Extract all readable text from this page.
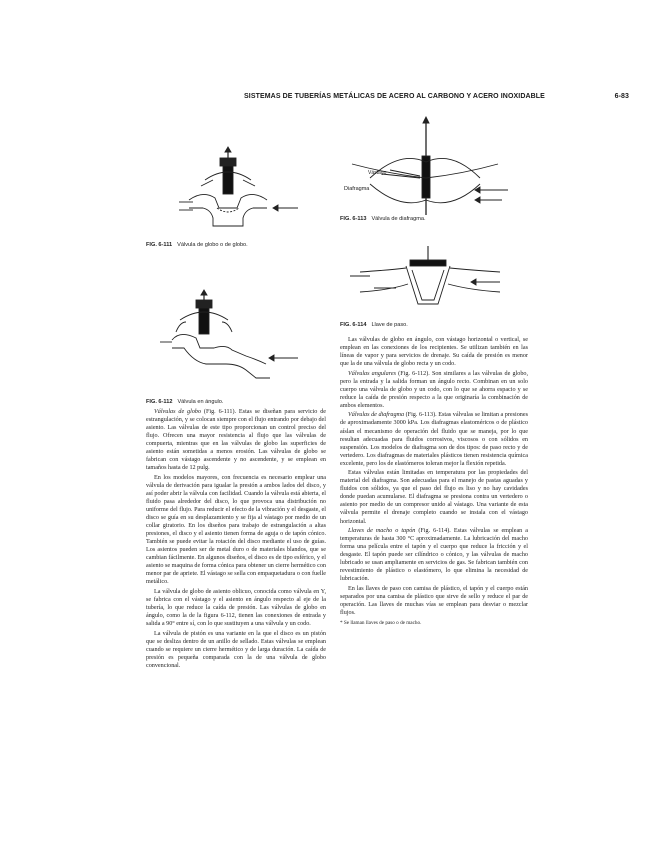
SISTEMAS DE TUBERÍAS METÁLICAS DE ACERO AL CARBONO Y ACERO INOXIDABLE	6-83
FIG. 6-111 Válvula de globo o de globo.
FIG. 6-112 Válvula en ángulo.
Diafragma
Vástago
FIG. 6-113 Válvula de diafragma.
FIG. 6-114 Llave de paso.

Válvulas de globo (Fig. 6-111). Estas se diseñan para servicio de estrangulación, y se colocan siempre con el flujo entrando por debajo del asiento. Las válvulas de este tipo proporcionan un control preciso del flujo. Ofrecen una mayor resistencia al flujo que las válvulas de compuerta, mientras que en las válvulas de globo las superficies de asiento están sometidas a menos erosión. Las válvulas de globo se fabrican con vástago ascendente y no ascendente, y se emplean en tamaños hasta de 12 pulg.

En los modelos mayores, con frecuencia es necesario emplear una válvula de derivación para igualar la presión a ambos lados del disco, y así poder abrir la válvula con facilidad. Cuando la válvula está abierta, el fluido pasa alrededor del disco, lo que provoca una distribución no uniforme del flujo. Para reducir el efecto de la vibración y el desgaste, el disco se guía en su desplazamiento y se fija al vástago por medio de un collar giratorio. En los diseños para trabajo de estrangulación a altas presiones, el disco y el asiento tienen forma de aguja o de tapón cónico. También se puede evitar la rotación del disco mediante el uso de guías. Los asientos pueden ser de metal duro o de materiales blandos, que se cambian fácilmente. En algunos diseños, el disco es de tipo esférico, y el asiento se maquina de forma cónica para obtener un cierre hermético con menor par de apriete. El vástago se sella con empaquetadura o con fuelle metálico.

La válvula de globo de asiento oblicuo, conocida como válvula en Y, se fabrica con el vástago y el asiento en ángulo respecto al eje de la tubería, lo que reduce la caída de presión. Las válvulas de globo en ángulo, como la de la figura 6-112, tienen las conexiones de entrada y salida a 90° entre sí, con lo que sustituyen a una válvula y un codo.

La válvula de pistón es una variante en la que el disco es un pistón que se desliza dentro de un anillo de sellado. Estas válvulas se emplean cuando se requiere un cierre hermético y de larga duración. La caída de presión es pequeña comparada con la de una válvula de globo convencional.

Las válvulas de globo en ángulo, con vástago horizontal o vertical, se emplean en las conexiones de los recipientes. Se utilizan también en las líneas de vapor y para servicios de drenaje. Su caída de presión es menor que la de una válvula de globo recta y un codo.

Válvulas angulares (Fig. 6-112). Son similares a las válvulas de globo, pero la entrada y la salida forman un ángulo recto. Combinan en un solo cuerpo una válvula de globo y un codo, con lo que se ahorra espacio y se reduce la caída de presión respecto a la que originaría la combinación de ambos elementos.

Válvulas de diafragma (Fig. 6-113). Estas válvulas se limitan a presiones de aproximadamente 3000 kPa. Los diafragmas elastoméricos o de plástico aíslan el mecanismo de operación del fluido que se maneja, por lo que resultan adecuadas para fluidos corrosivos, viscosos o con sólidos en suspensión. Los modelos de diafragma son de dos tipos: de paso recto y de vertedero. Los diafragmas de materiales plásticos tienen resistencia química excelente, pero los de elastómeros toleran mejor la flexión repetida.

Estas válvulas están limitadas en temperatura por las propiedades del material del diafragma. Son adecuadas para el manejo de pastas aguadas y fluidos con sólidos, ya que el paso del flujo es liso y no hay cavidades donde puedan acumularse. El diafragma se presiona contra un vertedero o asiento por medio de un compresor unido al vástago. Una variante de esta válvula permite el drenaje completo cuando se instala con el vástago horizontal.

Llaves de macho o tapón (Fig. 6-114). Estas válvulas se emplean a temperaturas de hasta 300 °C aproximadamente. La lubricación del macho forma una película entre el tapón y el cuerpo que reduce la fricción y el desgaste. El tapón puede ser cilíndrico o cónico, y las válvulas de macho lubricado se usan ampliamente en servicios de gas. Se fabrican también con revestimiento de plástico o elastómero, lo que elimina la necesidad de lubricación.

En las llaves de paso con camisa de plástico, el tapón y el cuerpo están separados por una camisa de plástico que sirve de sello y reduce el par de operación. Las llaves de muchas vías se emplean para desviar o mezclar flujos.

* Se llaman llaves de paso o de macho.
